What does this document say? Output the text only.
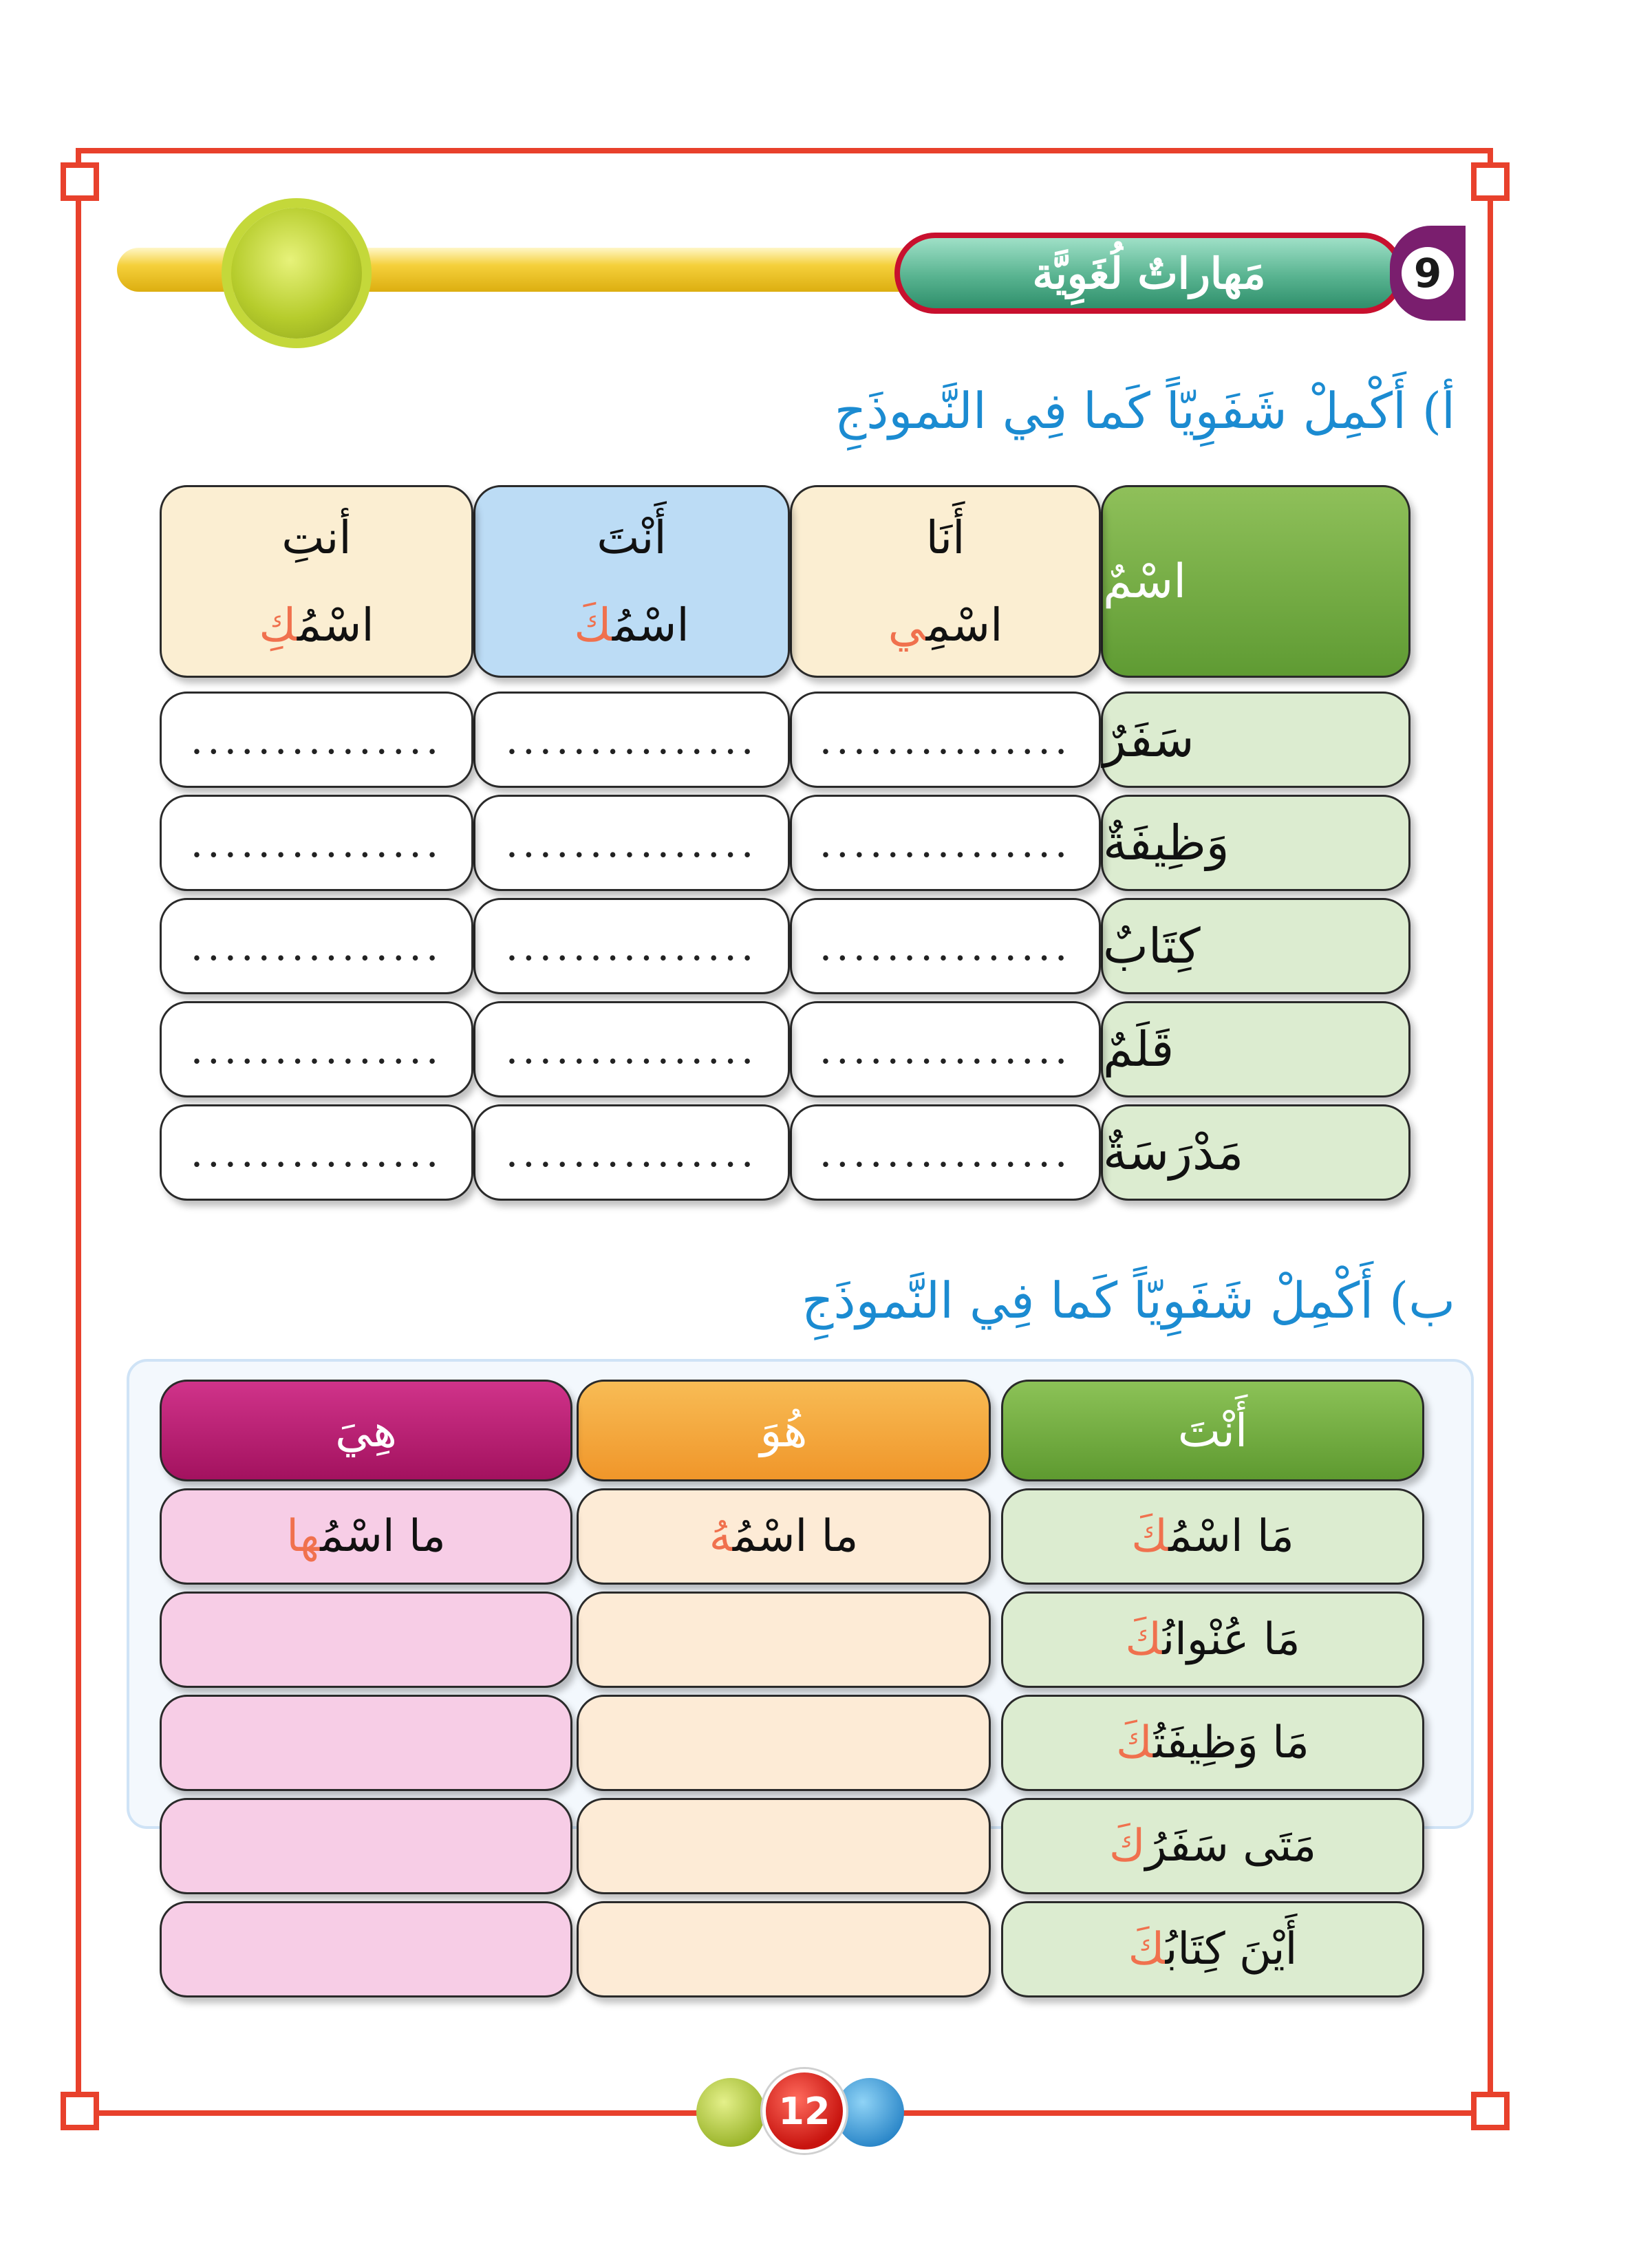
مَهاراتٌ لُغَوِيَّة	9
أ) أَكْمِلْ شَفَوِيّاً كَما فِي النَّموذَجِ
اسْمٌ
أَنَا
اسْمِي
أَنْتَ
اسْمُكَ
أنتِ
اسْمُكِ
سَفَرٌ
...............
...............
...............
وَظِيفَةٌ
...............
...............
...............
كِتَابٌ
...............
...............
...............
قَلَمٌ
...............
...............
...............
مَدْرَسَةٌ
...............
...............
...............
ب) أَكْمِلْ شَفَوِيّاً كَما فِي النَّموذَجِ
أَنْتَ
هُوَ
هِيَ
مَا اسْمُكَ
ما اسْمُهُ
ما اسْمُها
مَا عُنْوانُكَ
مَا وَظِيفَتُكَ
مَتَى سَفَرُكَ
أَيْنَ كِتَابُكَ
12
